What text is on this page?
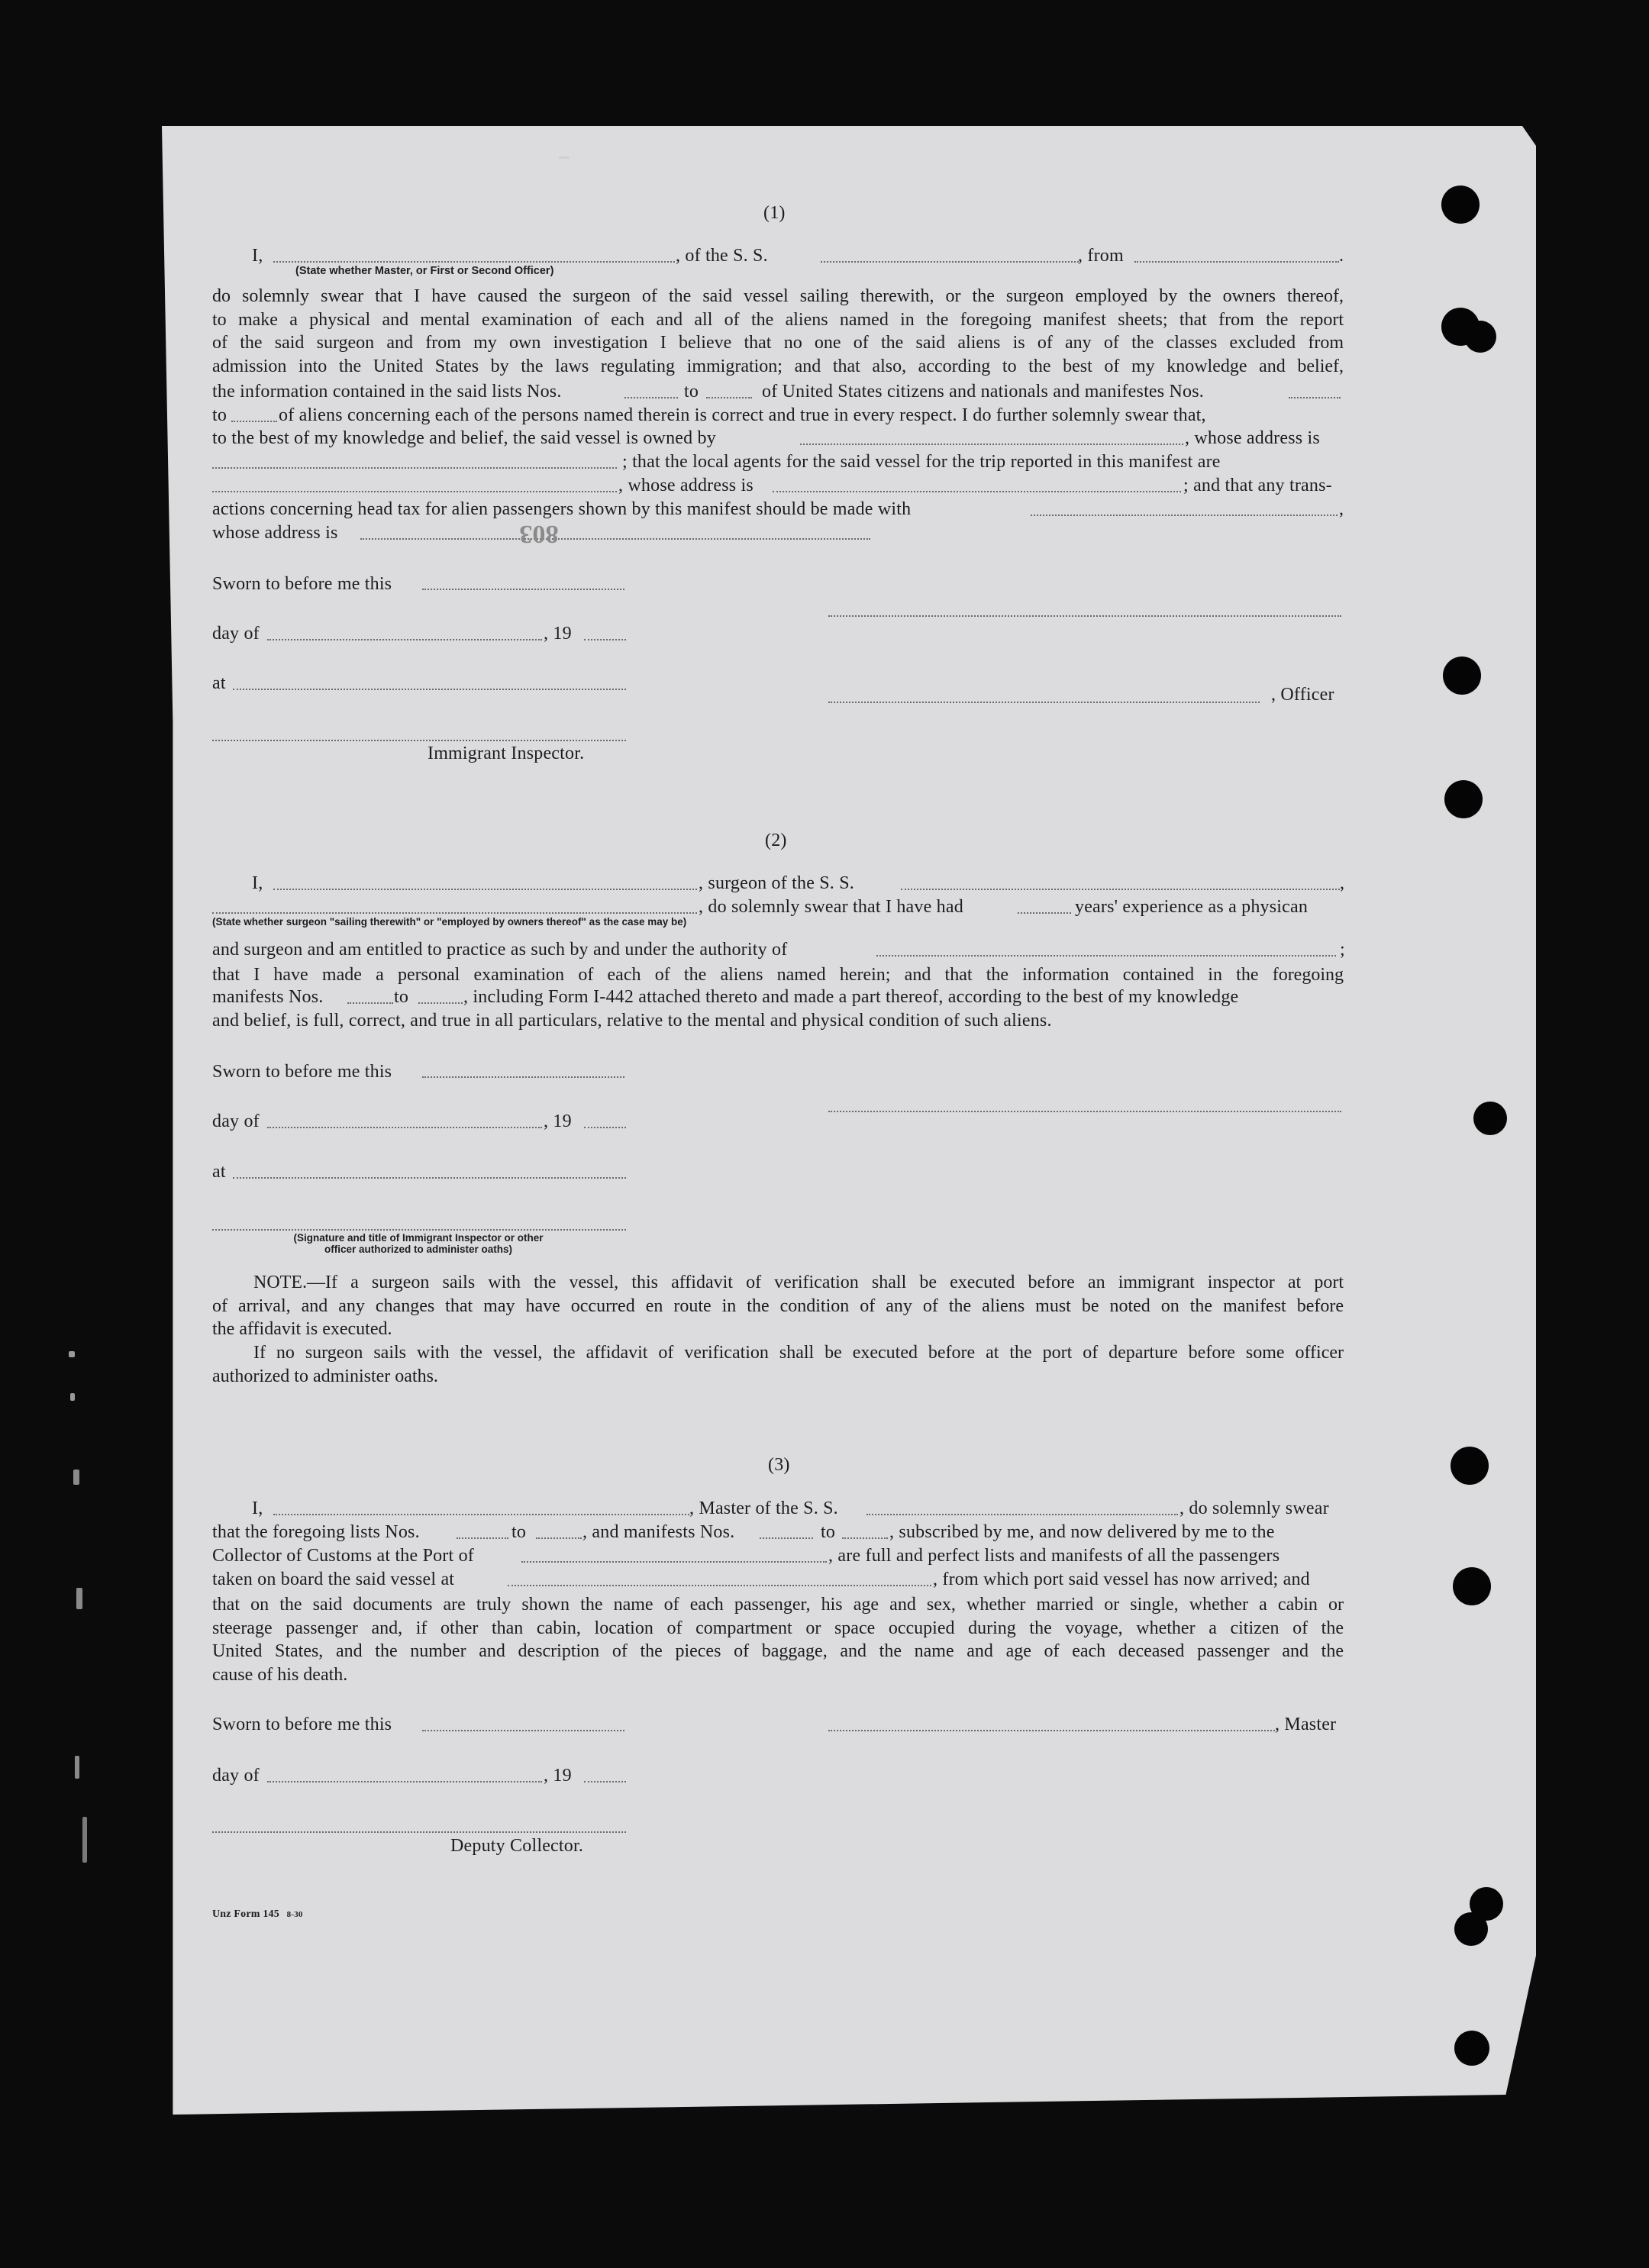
(1)
I,	, of the S. S.	, from	.
(State whether Master, or First or Second Officer)
do solemnly swear that I have caused the surgeon of the said vessel sailing therewith, or the surgeon employed by the owners thereof,
to make a physical and mental examination of each and all of the aliens named in the foregoing manifest sheets; that from the report
of the said surgeon and from my own investigation I believe that no one of the said aliens is of any of the classes excluded from
admission into the United States by the laws regulating immigration; and that also, according to the best of my knowledge and belief,
the information contained in the said lists Nos.	to	of United States citizens and nationals and manifestes Nos.
to	of aliens concerning each of the persons named therein is correct and true in every respect. I do further solemnly swear that,
to the best of my knowledge and belief, the said vessel is owned by	, whose address is
; that the local agents for the said vessel for the trip reported in this manifest are
, whose address is	; and that any trans-
actions concerning head tax for alien passengers shown by this manifest should be made with	,
whose address is	803
Sworn to before me this
day of	, 19
at
, Officer
Immigrant Inspector.
(2)
I,	, surgeon of the S. S.	,
, do solemnly swear that I have had	years' experience as a physican
(State whether surgeon "sailing therewith" or "employed by owners thereof" as the case may be)
and surgeon and am entitled to practice as such by and under the authority of	;
that I have made a personal examination of each of the aliens named herein; and that the information contained in the foregoing
manifests Nos.	to	, including Form I-442 attached thereto and made a part thereof, according to the best of my knowledge
and belief, is full, correct, and true in all particulars, relative to the mental and physical condition of such aliens.
Sworn to before me this
day of	, 19
at
(Signature and title of Immigrant Inspector or other
officer authorized to administer oaths)
NOTE.—If a surgeon sails with the vessel, this affidavit of verification shall be executed before an immigrant inspector at port
of arrival, and any changes that may have occurred en route in the condition of any of the aliens must be noted on the manifest before
the affidavit is executed.
If no surgeon sails with the vessel, the affidavit of verification shall be executed before at the port of departure before some officer
authorized to administer oaths.
(3)
I,	, Master of the S. S.	, do solemnly swear
that the foregoing lists Nos.	to	, and manifests Nos.	to	, subscribed by me, and now delivered by me to the
Collector of Customs at the Port of	, are full and perfect lists and manifests of all the passengers
taken on board the said vessel at	, from which port said vessel has now arrived; and
that on the said documents are truly shown the name of each passenger, his age and sex, whether married or single, whether a cabin or
steerage passenger and, if other than cabin, location of compartment or space occupied during the voyage, whether a citizen of the
United States, and the number and description of the pieces of baggage, and the name and age of each deceased passenger and the
cause of his death.
Sworn to before me this	, Master
day of	, 19
Deputy Collector.
Unz Form 145 8-30
